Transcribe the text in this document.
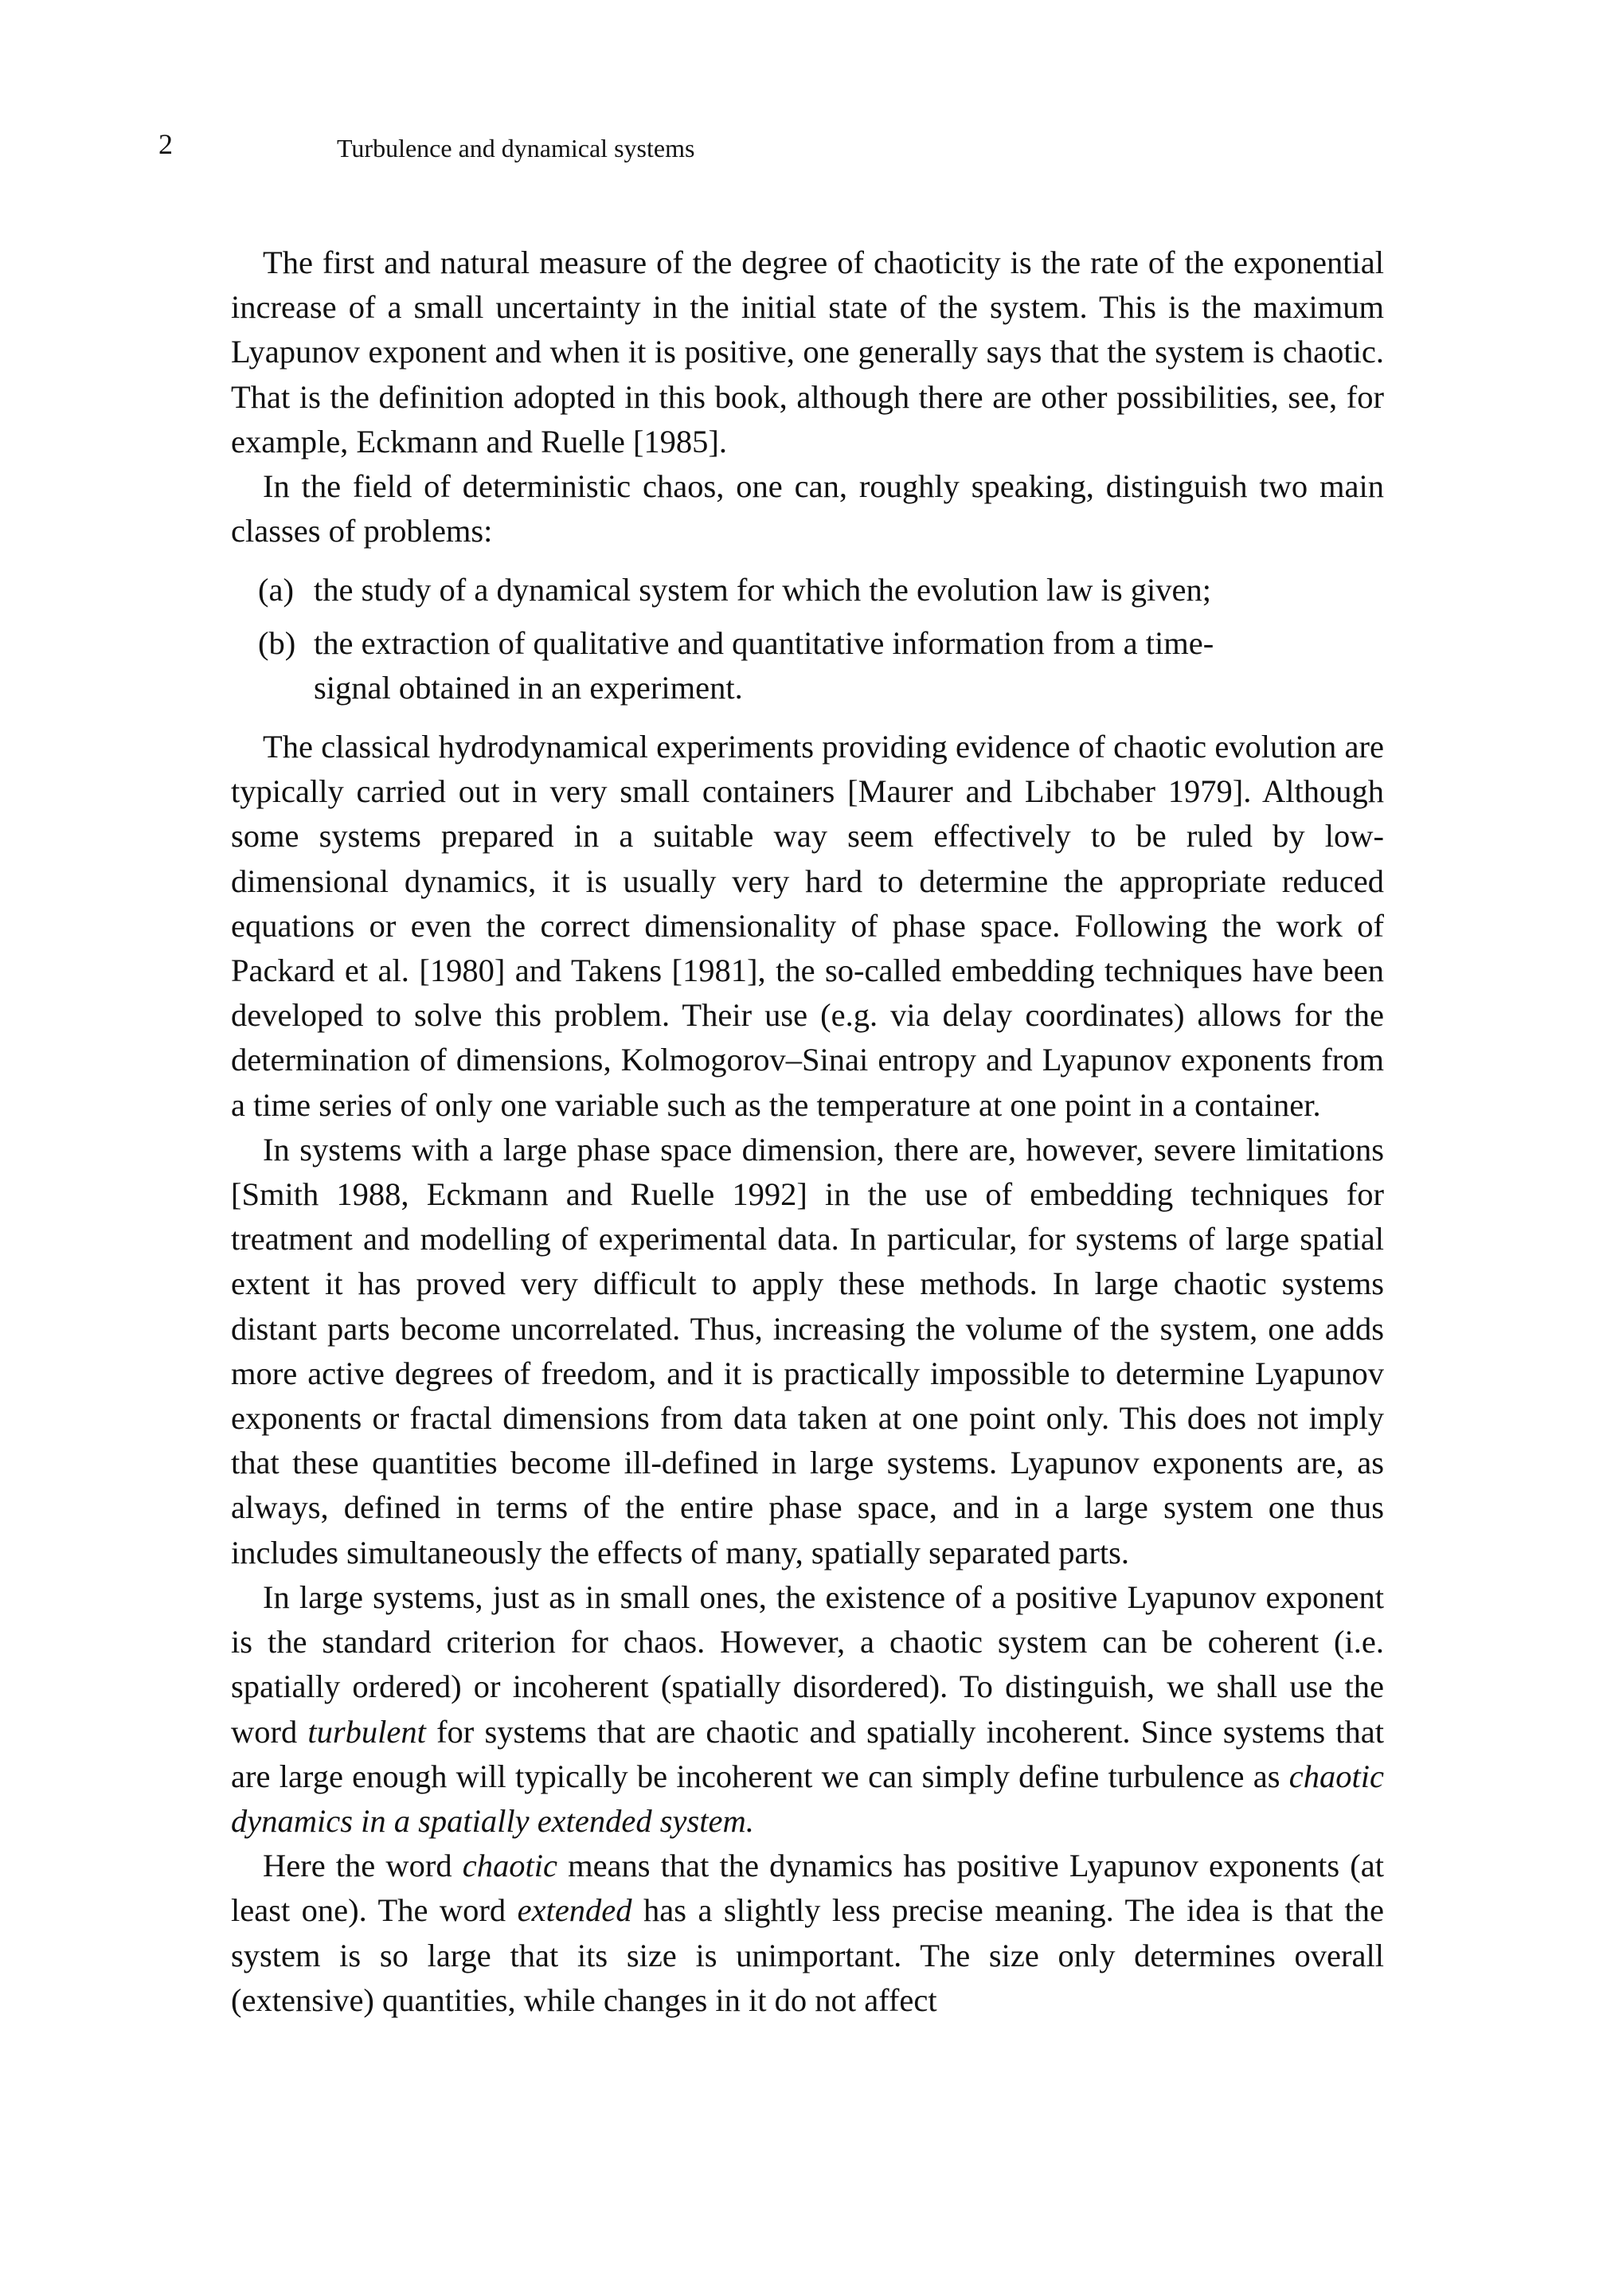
2	Turbulence and dynamical systems

The first and natural measure of the degree of chaoticity is the rate of the exponential increase of a small uncertainty in the initial state of the system. This is the maximum Lyapunov exponent and when it is positive, one generally says that the system is chaotic. That is the definition adopted in this book, although there are other possibilities, see, for example, Eckmann and Ruelle [1985].

In the field of deterministic chaos, one can, roughly speaking, distinguish two main classes of problems:

(a) the study of a dynamical system for which the evolution law is given;
(b) the extraction of qualitative and quantitative information from a time-signal obtained in an experiment.

The classical hydrodynamical experiments providing evidence of chaotic evolution are typically carried out in very small containers [Maurer and Libchaber 1979]. Although some systems prepared in a suitable way seem effectively to be ruled by low-dimensional dynamics, it is usually very hard to determine the appropriate reduced equations or even the correct dimensionality of phase space. Following the work of Packard et al. [1980] and Takens [1981], the so-called embedding techniques have been developed to solve this problem. Their use (e.g. via delay coordinates) allows for the determination of dimensions, Kolmogorov–Sinai entropy and Lyapunov exponents from a time series of only one variable such as the temperature at one point in a container.

In systems with a large phase space dimension, there are, however, severe limitations [Smith 1988, Eckmann and Ruelle 1992] in the use of embedding techniques for treatment and modelling of experimental data. In particular, for systems of large spatial extent it has proved very difficult to apply these methods. In large chaotic systems distant parts become uncorrelated. Thus, increasing the volume of the system, one adds more active degrees of freedom, and it is practically impossible to determine Lyapunov exponents or fractal dimensions from data taken at one point only. This does not imply that these quantities become ill-defined in large systems. Lyapunov exponents are, as always, defined in terms of the entire phase space, and in a large system one thus includes simultaneously the effects of many, spatially separated parts.

In large systems, just as in small ones, the existence of a positive Lyapunov exponent is the standard criterion for chaos. However, a chaotic system can be coherent (i.e. spatially ordered) or incoherent (spatially disordered). To distinguish, we shall use the word turbulent for systems that are chaotic and spatially incoherent. Since systems that are large enough will typically be incoherent we can simply define turbulence as chaotic dynamics in a spatially extended system.

Here the word chaotic means that the dynamics has positive Lyapunov exponents (at least one). The word extended has a slightly less precise meaning. The idea is that the system is so large that its size is unimportant. The size only determines overall (extensive) quantities, while changes in it do not affect
